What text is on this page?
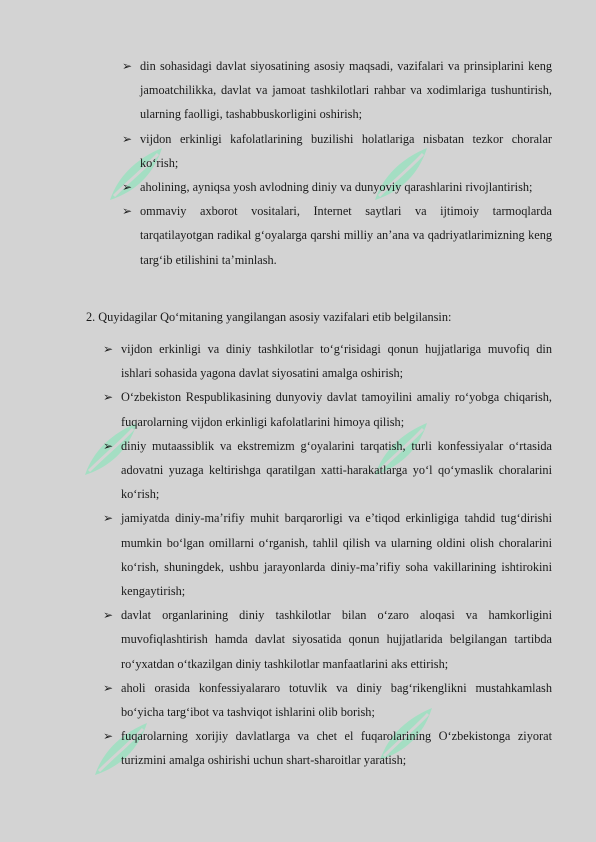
➢ din sohasidagi davlat siyosatining asosiy maqsadi, vazifalari va prinsiplarini keng jamoatchilikka, davlat va jamoat tashkilotlari rahbar va xodimlariga tushuntirish, ularning faolligi, tashabbuskorligini oshirish;
➢ vijdon erkinligi kafolatlarining buzilishi holatlariga nisbatan tezkor choralar ko‘rish;
➢ aholining, ayniqsa yosh avlodning diniy va dunyoviy qarashlarini rivojlantirish;
➢ ommaviy axborot vositalari, Internet saytlari va ijtimoiy tarmoqlarda tarqatilayotgan radikal g‘oyalarga qarshi milliy an’ana va qadriyatlarimizning keng targ‘ib etilishini ta’minlash.
2. Quyidagilar Qo‘mitaning yangilangan asosiy vazifalari etib belgilansin:
➢ vijdon erkinligi va diniy tashkilotlar to‘g‘risidagi qonun hujjatlariga muvofiq din ishlari sohasida yagona davlat siyosatini amalga oshirish;
➢ O‘zbekiston Respublikasining dunyoviy davlat tamoyilini amaliy ro‘yobga chiqarish, fuqarolarning vijdon erkinligi kafolatlarini himoya qilish;
➢ diniy mutaassiblik va ekstremizm g‘oyalarini tarqatish, turli konfessiyalar o‘rtasida adovatni yuzaga keltirishga qaratilgan xatti-harakatlarga yo‘l qo‘ymaslik choralarini ko‘rish;
➢ jamiyatda diniy-ma’rifiy muhit barqarorligi va e’tiqod erkinligiga tahdid tug‘dirishi mumkin bo‘lgan omillarni o‘rganish, tahlil qilish va ularning oldini olish choralarini ko‘rish, shuningdek, ushbu jarayonlarda diniy-ma’rifiy soha vakillarining ishtirokini kengaytirish;
➢ davlat organlarining diniy tashkilotlar bilan o‘zaro aloqasi va hamkorligini muvofiqlashtirish hamda davlat siyosatida qonun hujjatlarida belgilangan tartibda ro‘yxatdan o‘tkazilgan diniy tashkilotlar manfaatlarini aks ettirish;
➢ aholi orasida konfessiyalararo totuvlik va diniy bag‘rikenglikni mustahkamlash bo‘yicha targ‘ibot va tashviqot ishlarini olib borish;
➢ fuqarolarning xorijiy davlatlarga va chet el fuqarolarining O‘zbekistonga ziyorat turizmini amalga oshirishi uchun shart-sharoitlar yaratish;
